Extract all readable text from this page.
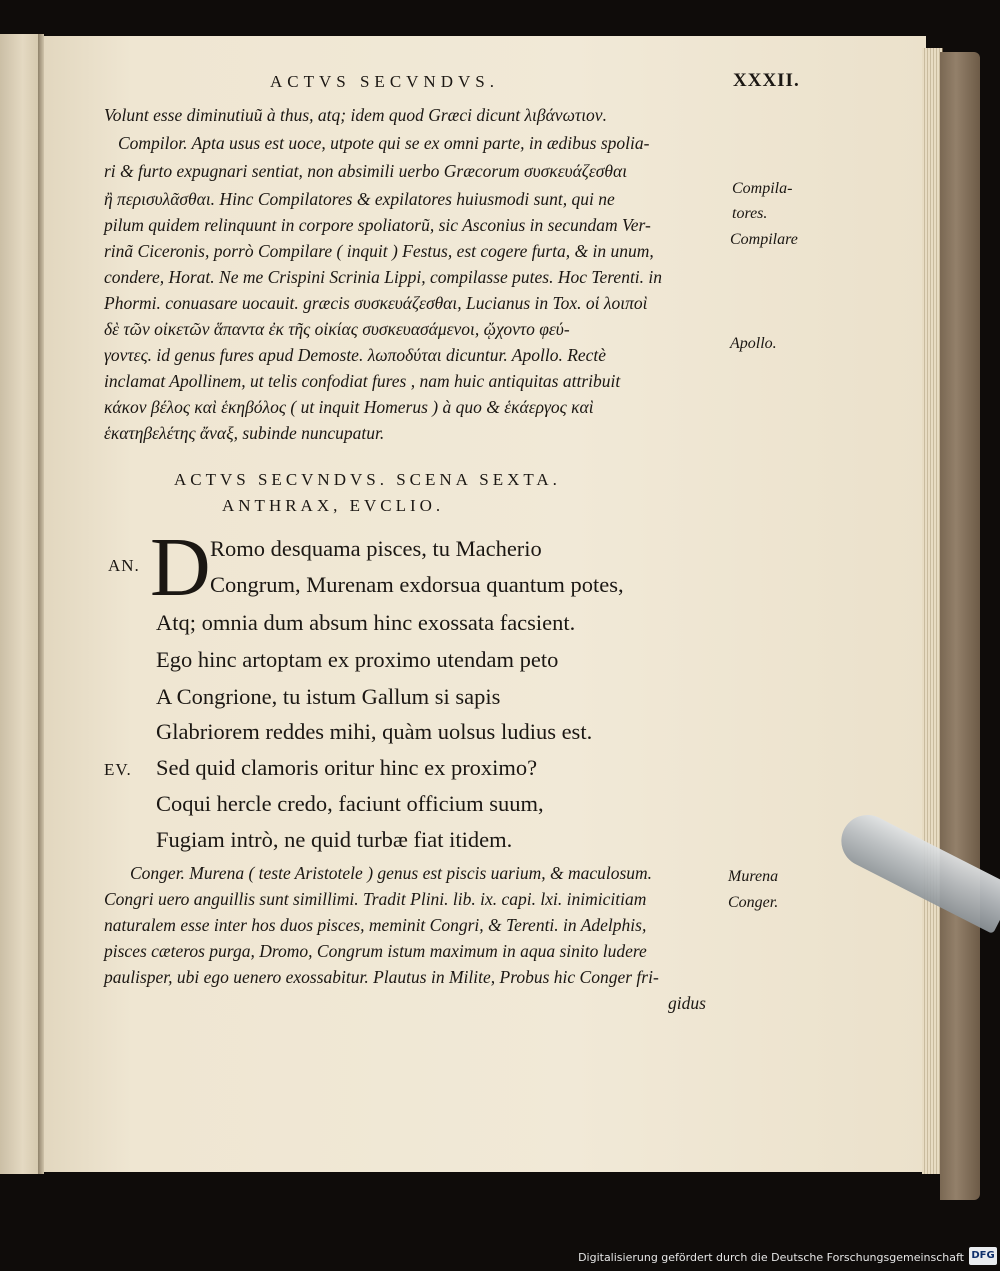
ACTVS SECVNDVS.	XXXII.
Volunt esse diminutiuũ à thus, atq; idem quod Græci dicunt λιβάνωτιον.
Compilor. Apta usus est uoce, utpote qui se ex omni parte, in ædibus spolia-
ri & furto expugnari sentiat, non absimili uerbo Græcorum συσκευάζεσθαι
ἢ περισυλᾶσθαι. Hinc Compilatores & expilatores huiusmodi sunt, qui ne
pilum quidem relinquunt in corpore spoliatorũ, sic Asconius in secundam Ver-
rinã Ciceronis, porrò Compilare ( inquit ) Festus, est cogere furta, & in unum,
condere, Horat. Ne me Crispini Scrinia Lippi, compilasse putes. Hoc Terenti. in
Phormi. conuasare uocauit. græcis συσκευάζεσθαι, Lucianus in Tox. οἱ λοιποὶ
δὲ τῶν οἰκετῶν ἅπαντα ἐκ τῆς οἰκίας συσκευασάμενοι, ᾤχοντο φεύ-
γοντες. id genus fures apud Demoste. λωποδύται dicuntur. Apollo. Rectè
inclamat Apollinem, ut telis confodiat fures , nam huic antiquitas attribuit
κάκον βέλος καὶ ἑκηβόλος ( ut inquit Homerus ) à quo & ἑκάεργος καὶ
ἑκατηβελέτης ἄναξ, subinde nuncupatur.
Compila-
tores.
Compilare
Apollo.
ACTVS SECVNDVS. SCENA SEXTA.
ANTHRAX, EVCLIO.
AN.
EV.
D Romo desquama pisces, tu Macherio
Congrum, Murenam exdorsua quantum potes,
Atq; omnia dum absum hinc exossata facsient.
Ego hinc artoptam ex proximo utendam peto
A Congrione, tu istum Gallum si sapis
Glabriorem reddes mihi, quàm uolsus ludius est.
Sed quid clamoris oritur hinc ex proximo?
Coqui hercle credo, faciunt officium suum,
Fugiam intrò, ne quid turbæ fiat itidem.
Conger. Murena ( teste Aristotele ) genus est piscis uarium, & maculosum.
Congri uero anguillis sunt simillimi. Tradit Plini. lib. ix. capi. lxi. inimicitiam
naturalem esse inter hos duos pisces, meminit Congri, & Terenti. in Adelphis,
pisces cæteros purga, Dromo, Congrum istum maximum in aqua sinito ludere
paulisper, ubi ego uenero exossabitur. Plautus in Milite, Probus hic Conger fri-
gidus
Murena
Conger.
Digitalisierung gefördert durch die Deutsche Forschungsgemeinschaft DFG
